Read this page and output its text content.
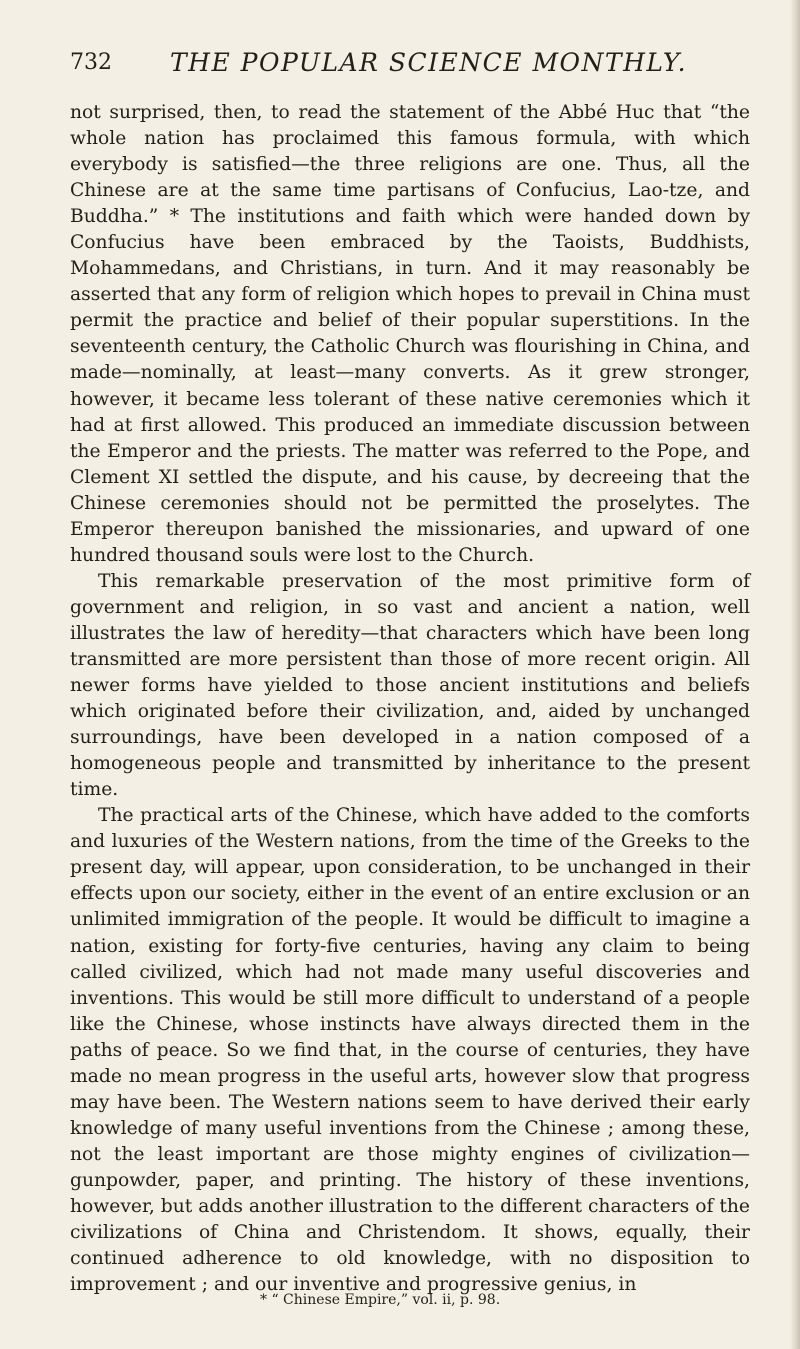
732 THE POPULAR SCIENCE MONTHLY.

not surprised, then, to read the statement of the Abbé Huc that “the whole nation has proclaimed this famous formula, with which everybody is satisfied—the three religions are one. Thus, all the Chinese are at the same time partisans of Confucius, Lao-tze, and Buddha.” * The institutions and faith which were handed down by Confucius have been embraced by the Taoists, Buddhists, Mohammedans, and Christians, in turn. And it may reasonably be asserted that any form of religion which hopes to prevail in China must permit the practice and belief of their popular superstitions. In the seventeenth century, the Catholic Church was flourishing in China, and made—nominally, at least—many converts. As it grew stronger, however, it became less tolerant of these native ceremonies which it had at first allowed. This produced an immediate discussion between the Emperor and the priests. The matter was referred to the Pope, and Clement XI settled the dispute, and his cause, by decreeing that the Chinese ceremonies should not be permitted the proselytes. The Emperor thereupon banished the missionaries, and upward of one hundred thousand souls were lost to the Church.

This remarkable preservation of the most primitive form of government and religion, in so vast and ancient a nation, well illustrates the law of heredity—that characters which have been long transmitted are more persistent than those of more recent origin. All newer forms have yielded to those ancient institutions and beliefs which originated before their civilization, and, aided by unchanged surroundings, have been developed in a nation composed of a homogeneous people and transmitted by inheritance to the present time.

The practical arts of the Chinese, which have added to the comforts and luxuries of the Western nations, from the time of the Greeks to the present day, will appear, upon consideration, to be unchanged in their effects upon our society, either in the event of an entire exclusion or an unlimited immigration of the people. It would be difficult to imagine a nation, existing for forty-five centuries, having any claim to being called civilized, which had not made many useful discoveries and inventions. This would be still more difficult to understand of a people like the Chinese, whose instincts have always directed them in the paths of peace. So we find that, in the course of centuries, they have made no mean progress in the useful arts, however slow that progress may have been. The Western nations seem to have derived their early knowledge of many useful inventions from the Chinese ; among these, not the least important are those mighty engines of civilization—gunpowder, paper, and printing. The history of these inventions, however, but adds another illustration to the different characters of the civilizations of China and Christendom. It shows, equally, their continued adherence to old knowledge, with no disposition to improvement ; and our inventive and progressive genius, in

* “ Chinese Empire,” vol. ii, p. 98.
